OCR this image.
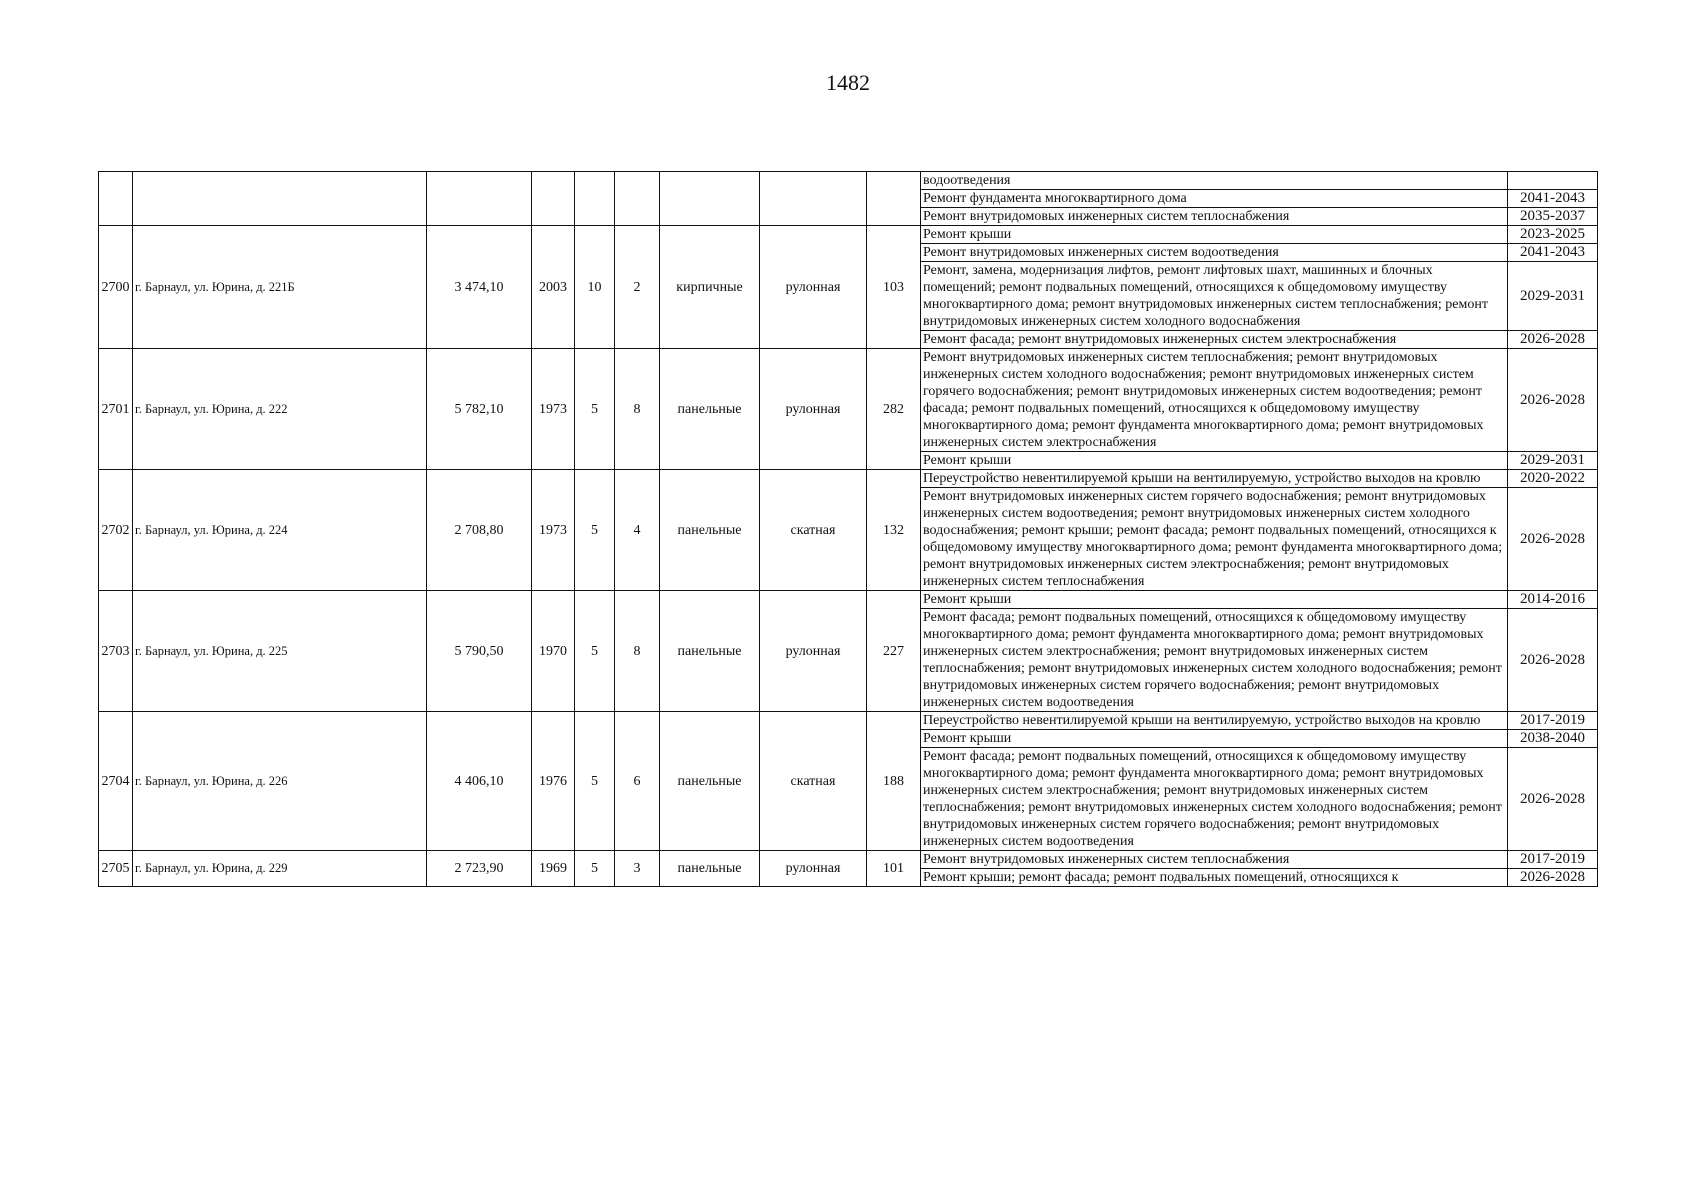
1482
									водоотведения	
									Ремонт фундамента многоквартирного дома	2041-2043
									Ремонт внутридомовых инженерных систем теплоснабжения	2035-2037
2700	г. Барнаул, ул. Юрина, д. 221Б	3 474,10	2003	10	2	кирпичные	рулонная	103	Ремонт крыши	2023-2025
									Ремонт внутридомовых инженерных систем водоотведения	2041-2043
									Ремонт, замена, модернизация лифтов, ремонт лифтовых шахт, машинных и блочных помещений; ремонт подвальных помещений, относящихся к общедомовому имуществу многоквартирного дома; ремонт внутридомовых инженерных систем теплоснабжения; ремонт внутридомовых инженерных систем холодного водоснабжения	2029-2031
									Ремонт фасада; ремонт внутридомовых инженерных систем электроснабжения	2026-2028
2701	г. Барнаул, ул. Юрина, д. 222	5 782,10	1973	5	8	панельные	рулонная	282	Ремонт внутридомовых инженерных систем теплоснабжения; ремонт внутридомовых инженерных систем холодного водоснабжения; ремонт внутридомовых инженерных систем горячего водоснабжения; ремонт внутридомовых инженерных систем водоотведения; ремонт фасада; ремонт подвальных помещений, относящихся к общедомовому имуществу многоквартирного дома; ремонт фундамента многоквартирного дома; ремонт внутридомовых инженерных систем электроснабжения	2026-2028
									Ремонт крыши	2029-2031
2702	г. Барнаул, ул. Юрина, д. 224	2 708,80	1973	5	4	панельные	скатная	132	Переустройство невентилируемой крыши на вентилируемую, устройство выходов на кровлю	2020-2022
									Ремонт внутридомовых инженерных систем горячего водоснабжения; ремонт внутридомовых инженерных систем водоотведения; ремонт внутридомовых инженерных систем холодного водоснабжения; ремонт крыши; ремонт фасада; ремонт подвальных помещений, относящихся к общедомовому имуществу многоквартирного дома; ремонт фундамента многоквартирного дома; ремонт внутридомовых инженерных систем электроснабжения; ремонт внутридомовых инженерных систем теплоснабжения	2026-2028
2703	г. Барнаул, ул. Юрина, д. 225	5 790,50	1970	5	8	панельные	рулонная	227	Ремонт крыши	2014-2016
									Ремонт фасада; ремонт подвальных помещений, относящихся к общедомовому имуществу многоквартирного дома; ремонт фундамента многоквартирного дома; ремонт внутридомовых инженерных систем электроснабжения; ремонт внутридомовых инженерных систем теплоснабжения; ремонт внутридомовых инженерных систем холодного водоснабжения; ремонт внутридомовых инженерных систем горячего водоснабжения; ремонт внутридомовых инженерных систем водоотведения	2026-2028
2704	г. Барнаул, ул. Юрина, д. 226	4 406,10	1976	5	6	панельные	скатная	188	Переустройство невентилируемой крыши на вентилируемую, устройство выходов на кровлю	2017-2019
									Ремонт крыши	2038-2040
									Ремонт фасада; ремонт подвальных помещений, относящихся к общедомовому имуществу многоквартирного дома; ремонт фундамента многоквартирного дома; ремонт внутридомовых инженерных систем электроснабжения; ремонт внутридомовых инженерных систем теплоснабжения; ремонт внутридомовых инженерных систем холодного водоснабжения; ремонт внутридомовых инженерных систем горячего водоснабжения; ремонт внутридомовых инженерных систем водоотведения	2026-2028
2705	г. Барнаул, ул. Юрина, д. 229	2 723,90	1969	5	3	панельные	рулонная	101	Ремонт внутридомовых инженерных систем теплоснабжения	2017-2019
									Ремонт крыши; ремонт фасада; ремонт подвальных помещений, относящихся к	2026-2028
